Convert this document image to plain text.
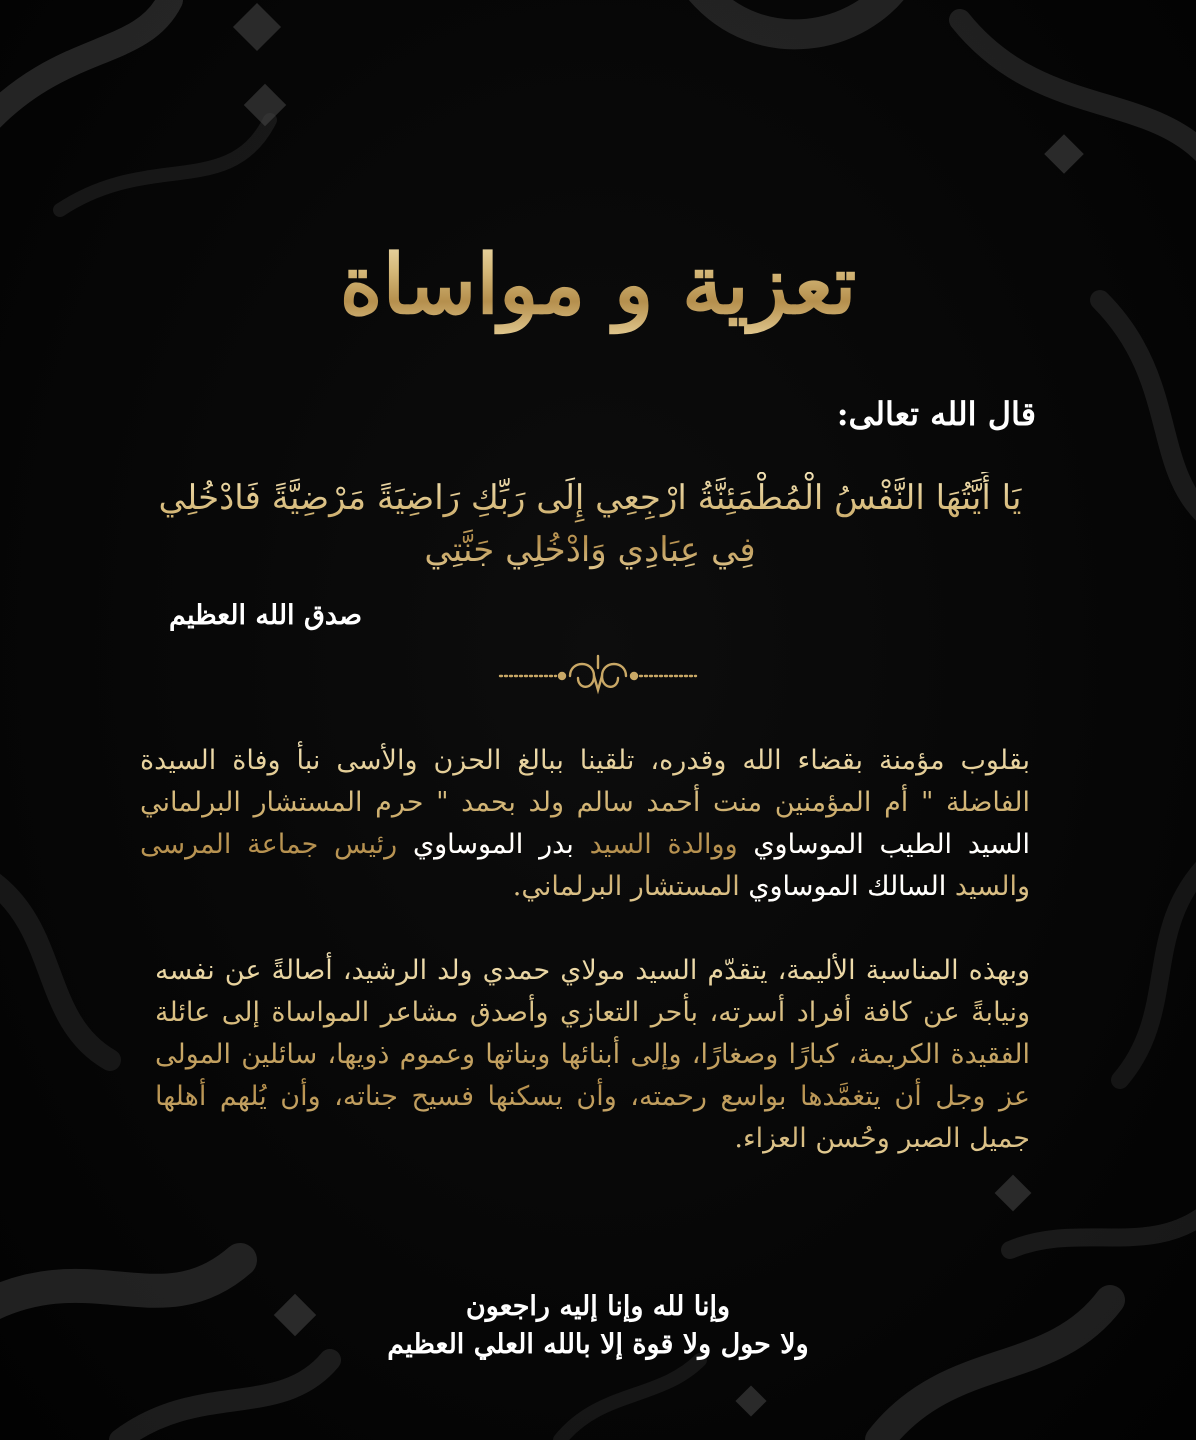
تعزية و مواساة
قال الله تعالى:
يَا أَيَّتُهَا النَّفْسُ الْمُطْمَئِنَّةُ ارْجِعِي إِلَى رَبِّكِ رَاضِيَةً مَرْضِيَّةً فَادْخُلِي فِي عِبَادِي وَادْخُلِي جَنَّتِي
صدق الله العظيم
بقلوب مؤمنة بقضاء الله وقدره، تلقينا ببالغ الحزن والأسى نبأ وفاة السيدة الفاضلة " أم المؤمنين منت أحمد سالم ولد بحمد " حرم المستشار البرلماني السيد الطيب الموساوي ووالدة السيد بدر الموساوي رئيس جماعة المرسى والسيد السالك الموساوي المستشار البرلماني.
وبهذه المناسبة الأليمة، يتقدّم السيد مولاي حمدي ولد الرشيد، أصالةً عن نفسه ونيابةً عن كافة أفراد أسرته، بأحر التعازي وأصدق مشاعر المواساة إلى عائلة الفقيدة الكريمة، كبارًا وصغارًا، وإلى أبنائها وبناتها وعموم ذويها، سائلين المولى عز وجل أن يتغمَّدها بواسع رحمته، وأن يسكنها فسيح جناته، وأن يُلهم أهلها جميل الصبر وحُسن العزاء.
وإنا لله وإنا إليه راجعون
ولا حول ولا قوة إلا بالله العلي العظيم
